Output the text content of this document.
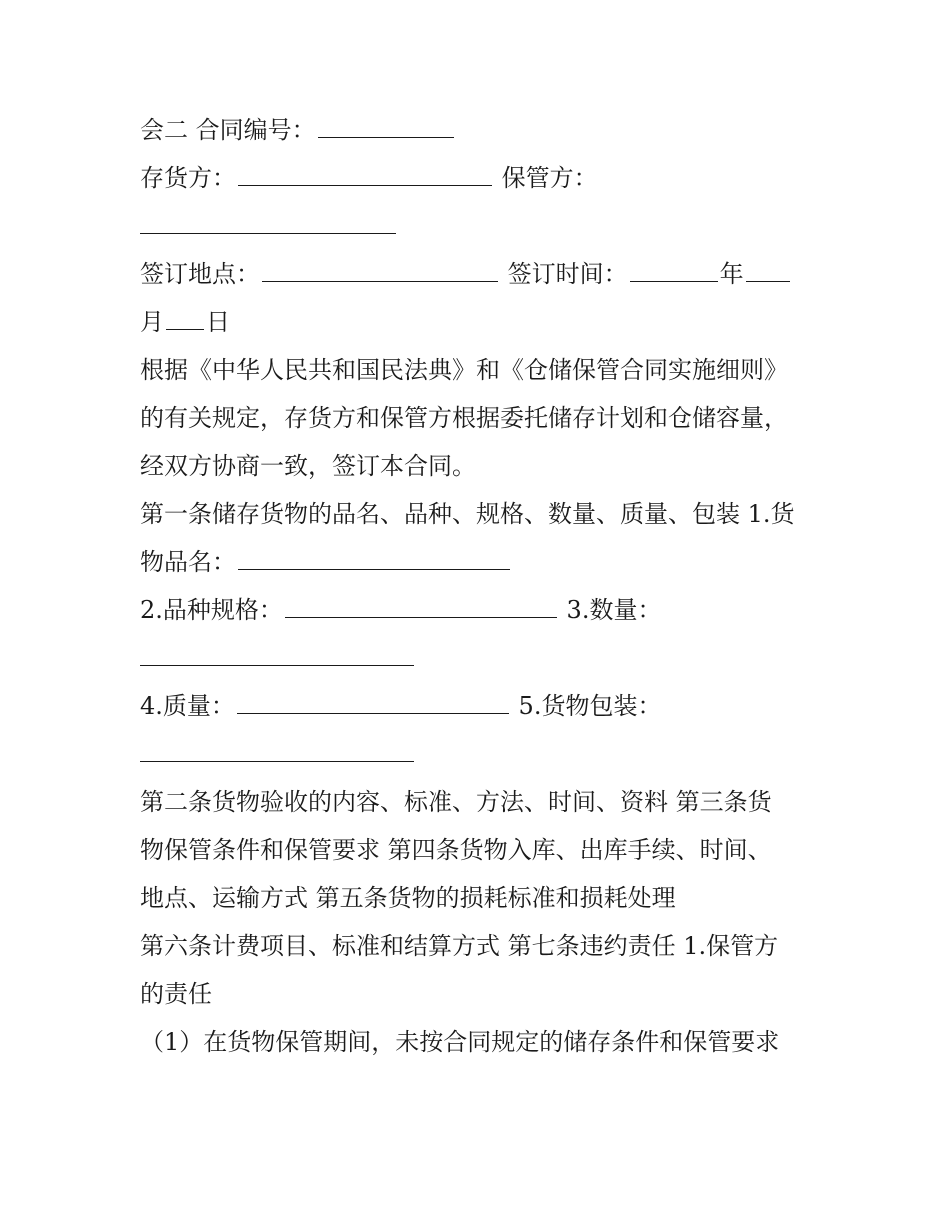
会二 合同编号：

存货方：	保管方：

签订地点：	签订时间：	年

月 日

根据《中华人民共和国民法典》和《仓储保管合同实施细则》

的有关规定，存货方和保管方根据委托储存计划和仓储容量，

经双方协商一致，签订本合同。

第一条储存货物的品名、品种、规格、数量、质量、包装 1.货

物品名：

2.品种规格：	3.数量：

4.质量：	5.货物包装：

第二条货物验收的内容、标准、方法、时间、资料 第三条货

物保管条件和保管要求 第四条货物入库、出库手续、时间、

地点、运输方式 第五条货物的损耗标准和损耗处理

第六条计费项目、标准和结算方式 第七条违约责任 1.保管方

的责任

（1）在货物保管期间，未按合同规定的储存条件和保管要求
